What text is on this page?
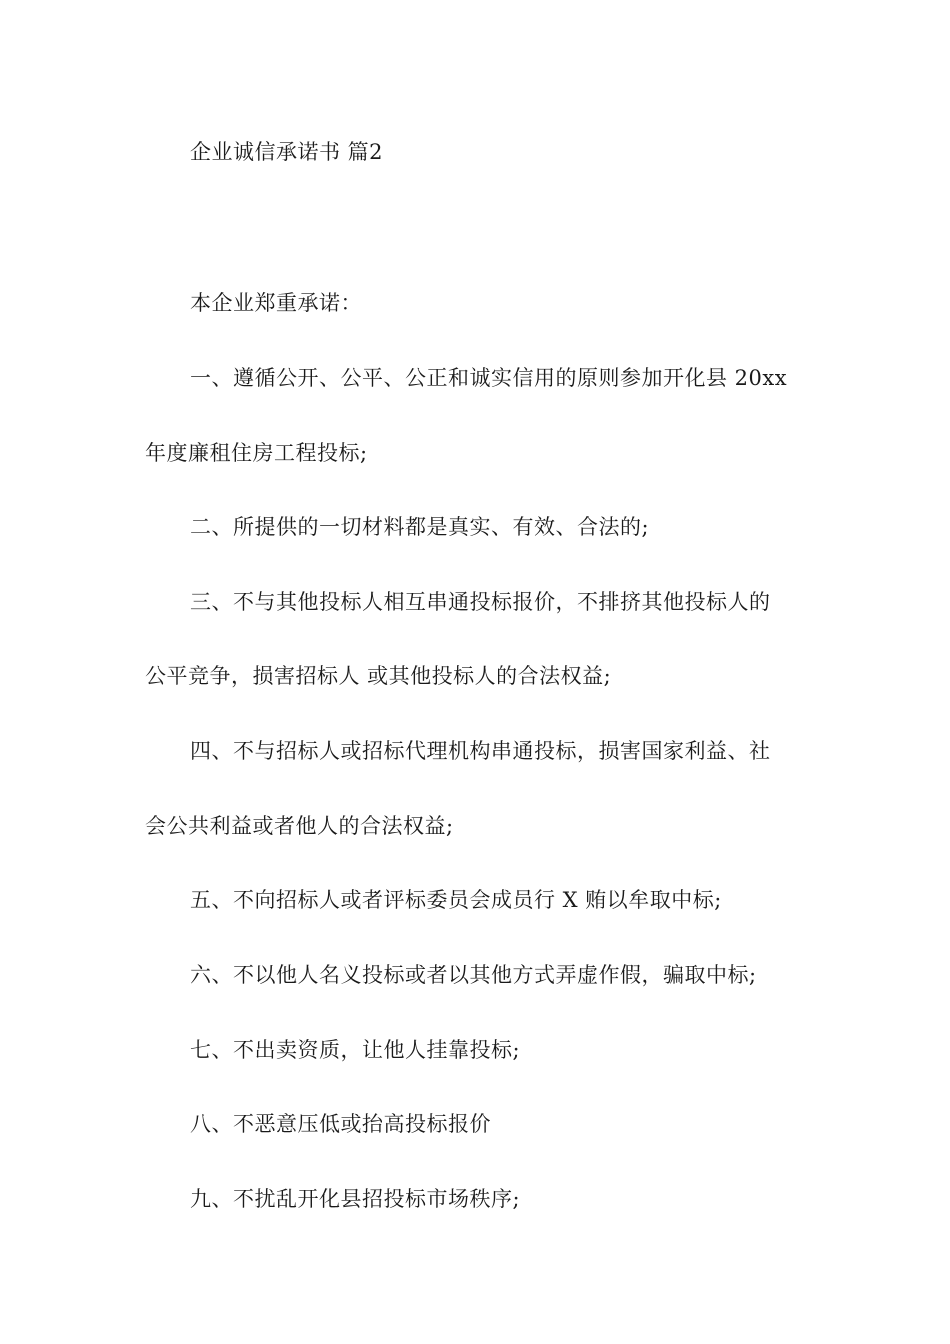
企业诚信承诺书 篇2
本企业郑重承诺：
一、遵循公开、公平、公正和诚实信用的原则参加开化县 20xx
年度廉租住房工程投标;
二、所提供的一切材料都是真实、有效、合法的;
三、不与其他投标人相互串通投标报价，不排挤其他投标人的
公平竞争，损害招标人 或其他投标人的合法权益;
四、不与招标人或招标代理机构串通投标，损害国家利益、社
会公共利益或者他人的合法权益;
五、不向招标人或者评标委员会成员行 X 贿以牟取中标;
六、不以他人名义投标或者以其他方式弄虚作假，骗取中标;
七、不出卖资质，让他人挂靠投标;
八、不恶意压低或抬高投标报价
九、不扰乱开化县招投标市场秩序;
